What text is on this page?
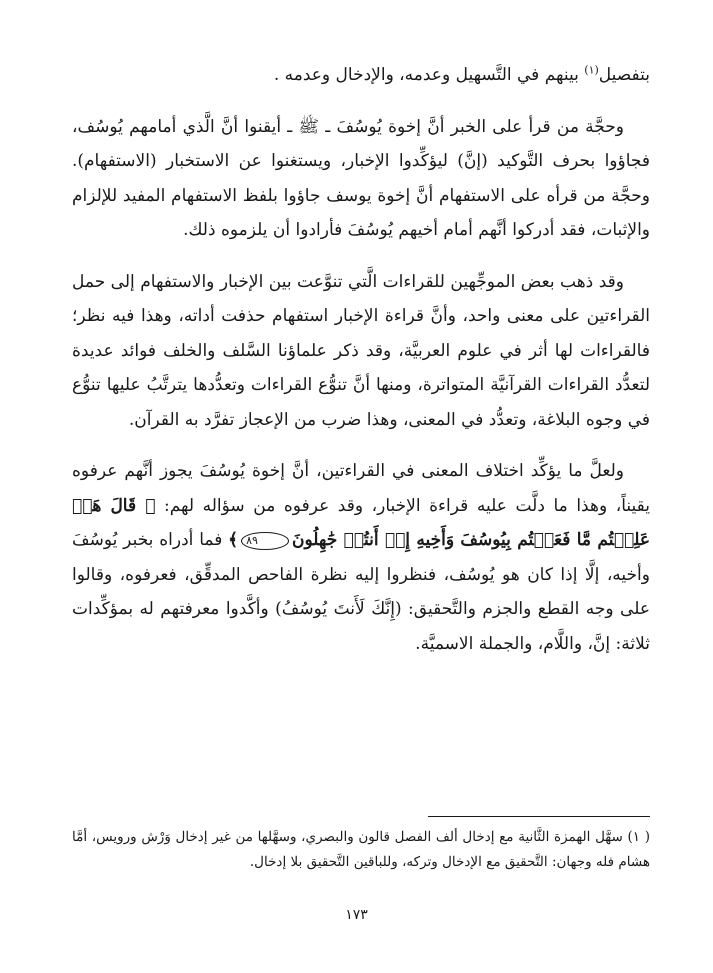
بتفصيل$^{(١)}$ بينهم في التَّسهيل وعدمه، والإدخال وعدمه .

وحجَّة من قرأ على الخبر أنَّ إخوة يُوسُفَ ـ ﷺ ـ أيقنوا أنَّ الَّذي أمامهم يُوسُف، فجاؤوا بحرف التَّوكيد (إنَّ) ليؤكِّدوا الإخبار، ويستغنوا عن الاستخبار (الاستفهام). وحجَّة من قرأه على الاستفهام أنَّ إخوة يوسف جاؤوا بلفظ الاستفهام المفيد للإلزام والإثبات، فقد أدركوا أنَّهم أمام أخيهم يُوسُفَ فأرادوا أن يلزموه ذلك.

وقد ذهب بعض الموجِّهين للقراءات الَّتي تنوَّعت بين الإخبار والاستفهام إلى حمل القراءتين على معنى واحد، وأنَّ قراءة الإخبار استفهام حذفت أداته، وهذا فيه نظر؛ فالقراءات لها أثر في علوم العربيَّة، وقد ذكر علماؤنا السَّلف والخلف فوائد عديدة لتعدُّد القراءات القرآنيَّة المتواترة، ومنها أنَّ تنوُّع القراءات وتعدُّدها يترتَّبُ عليها تنوُّع في وجوه البلاغة، وتعدُّد في المعنى، وهذا ضرب من الإعجاز تفرَّد به القرآن.

ولعلَّ ما يؤكِّد اختلاف المعنى في القراءتين، أنَّ إخوة يُوسُفَ يجوز أنَّهم عرفوه يقيناً، وهذا ما دلَّت عليه قراءة الإخبار، وقد عرفوه من سؤاله لهم: ﴿ قَالَ هَلۡ عَلِمۡتُم مَّا فَعَلۡتُم بِيُوسُفَ وَأَخِيهِ إِذۡ أَنتُمۡ جَٰهِلُونَ٨٩﴾ فما أدراه بخبر يُوسُفَ وأخيه، إلَّا إذا كان هو يُوسُف، فنظروا إليه نظرة الفاحص المدقِّق، فعرفوه، وقالوا على وجه القطع والجزم والتَّحقيق: (إِنَّكَ لَأَنتَ يُوسُفُ) وأكَّدوا معرفتهم له بمؤكِّدات ثلاثة: إنَّ، واللَّام، والجملة الاسميَّة.

( ١) سهَّل الهمزة الثَّانية مع إدخال ألف الفصل قالون والبصري، وسهَّلها من غير إدخال وَرْش ورويس، أمَّا هشام فله وجهان: التَّحقيق مع الإدخال وتركه، وللباقين التَّحقيق بلا إدخال.

١٧٣
